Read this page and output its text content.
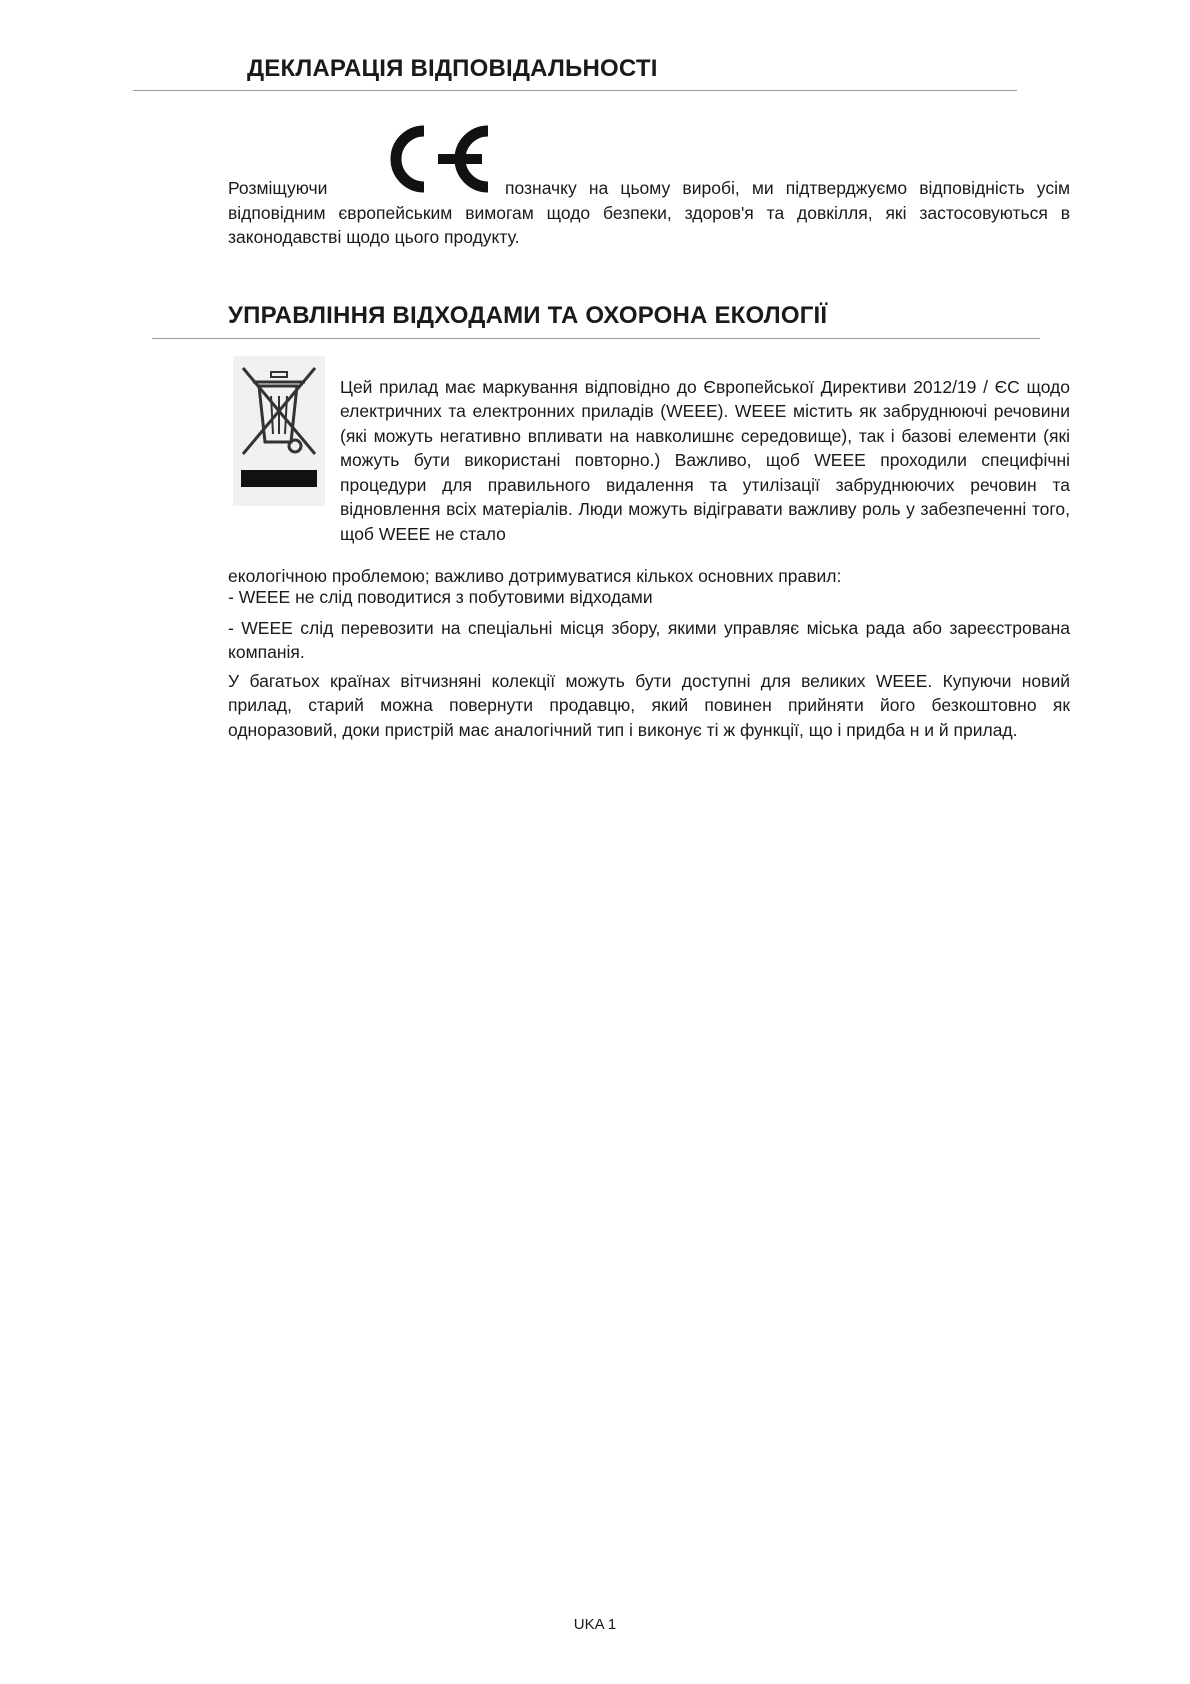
ДЕКЛАРАЦІЯ ВІДПОВІДАЛЬНОСТІ
Розміщуючи	позначку на цьому виробі, ми підтверджуємо відповідність усім
відповідним європейським вимогам щодо безпеки, здоров'я та довкілля, які застосовуються в законодавстві щодо цього продукту.
УПРАВЛІННЯ ВІДХОДАМИ ТА ОХОРОНА ЕКОЛОГІЇ

Цей прилад має маркування відповідно до Європейської Директиви 2012/19 / ЄС щодо електричних та електронних приладів (WEEE). WEEE містить як забруднюючі речовини (які можуть негативно впливати на навколишнє середовище), так і базові елементи (які можуть бути використані повторно.) Важливо, щоб WEEE проходили специфічні процедури для правильного видалення та утилізації забруднюючих речовин та відновлення всіх матеріалів. Люди можуть відігравати важливу роль у забезпеченні того, щоб WEEE не стало

екологічною проблемою; важливо дотримуватися кількох основних правил:

- WEEE не слід поводитися з побутовими відходами

- WEEE слід перевозити на спеціальні місця збору, якими управляє міська рада або зареєстрована компанія.

У багатьох країнах вітчизняні колекції можуть бути доступні для великих WEEE. Купуючи новий прилад, старий можна повернути продавцю, який повинен прийняти його безкоштовно як одноразовий, доки пристрій має аналогічний тип і виконує ті ж функції, що і придба н и й прилад.

UKA 1
